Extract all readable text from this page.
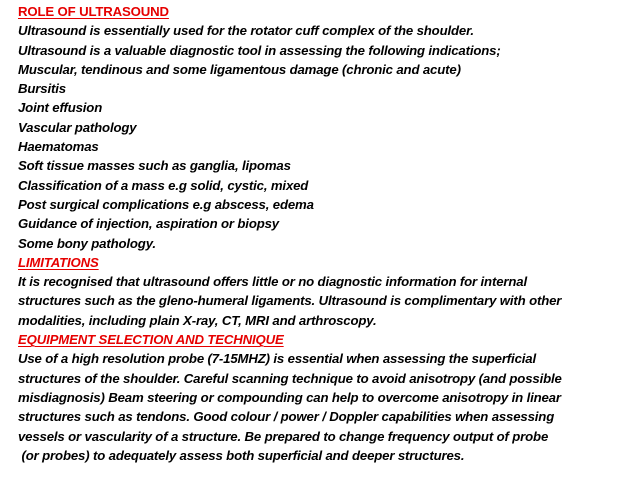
ROLE OF ULTRASOUND
Ultrasound is essentially used for the rotator cuff complex of the shoulder.
Ultrasound is a valuable diagnostic tool in assessing the following indications;
Muscular, tendinous and some ligamentous damage (chronic and acute)
Bursitis
Joint effusion
Vascular pathology
Haematomas
Soft tissue masses such as ganglia, lipomas
Classification of a mass e.g solid, cystic, mixed
Post surgical complications e.g abscess, edema
Guidance of injection, aspiration or biopsy
Some bony pathology.
LIMITATIONS
It is recognised that ultrasound offers little or no diagnostic information for internal
structures such as the gleno-humeral ligaments. Ultrasound is complimentary with other
modalities, including plain X-ray, CT, MRI and arthroscopy.
EQUIPMENT SELECTION AND TECHNIQUE
Use of a high resolution probe (7-15MHZ) is essential when assessing the superficial
structures of the shoulder. Careful scanning technique to avoid anisotropy (and possible
misdiagnosis) Beam steering or compounding can help to overcome anisotropy in linear
structures such as tendons. Good colour / power / Doppler capabilities when assessing
vessels or vascularity of a structure. Be prepared to change frequency output of probe
(or probes) to adequately assess both superficial and deeper structures.
